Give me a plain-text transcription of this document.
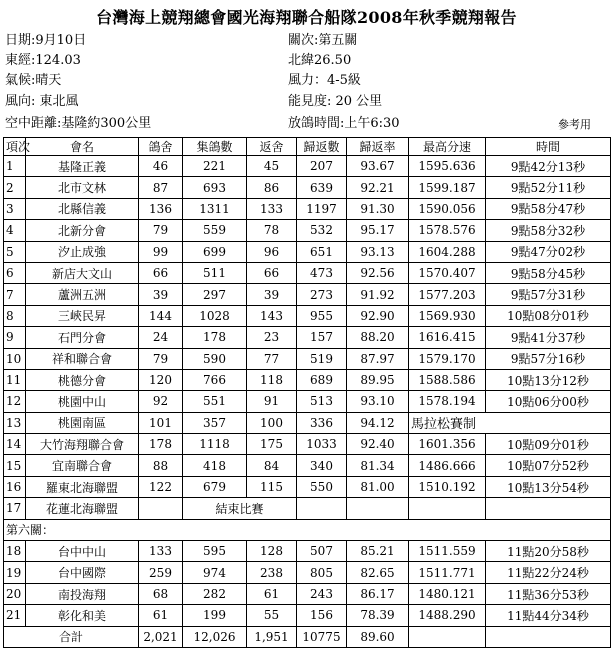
台灣海上競翔總會國光海翔聯合船隊2008年秋季競翔報告
日期:9月10日	關次:第五關
東經:124.03	北緯26.50
氣候:晴天	風力：4-5級
風向: 東北風	能見度: 20 公里
空中距離:基隆約300公里	放鴿時間:上午6:30	參考用
項次	會名	鴿舍	集鴿數	返舍	歸返數	歸返率	最高分速	時間
1	基隆正義	46	221	45	207	93.67	1595.636	9點42分13秒
2	北市文林	87	693	86	639	92.21	1599.187	9點52分11秒
3	北縣信義	136	1311	133	1197	91.30	1590.056	9點58分47秒
4	北新分會	79	559	78	532	95.17	1578.576	9點58分32秒
5	汐止成強	99	699	96	651	93.13	1604.288	9點47分02秒
6	新店大文山	66	511	66	473	92.56	1570.407	9點58分45秒
7	蘆洲五洲	39	297	39	273	91.92	1577.203	9點57分31秒
8	三峽民昇	144	1028	143	955	92.90	1569.930	10點08分01秒
9	石門分會	24	178	23	157	88.20	1616.415	9點41分37秒
10	祥和聯合會	79	590	77	519	87.97	1579.170	9點57分16秒
11	桃德分會	120	766	118	689	89.95	1588.586	10點13分12秒
12	桃園中山	92	551	91	513	93.10	1578.194	10點06分00秒
13	桃園南區	101	357	100	336	94.12	馬拉松賽制	
14	大竹海翔聯合會	178	1118	175	1033	92.40	1601.356	10點09分01秒
15	宜南聯合會	88	418	84	340	81.34	1486.666	10點07分52秒
16	羅東北海聯盟	122	679	115	550	81.00	1510.192	10點13分54秒
17	花蓮北海聯盟		結束比賽					
第六關：								
18	台中中山	133	595	128	507	85.21	1511.559	11點20分58秒
19	台中國際	259	974	238	805	82.65	1511.771	11點22分24秒
20	南投海翔	68	282	61	243	86.17	1480.121	11點36分53秒
21	彰化和美	61	199	55	156	78.39	1488.290	11點44分34秒
合計		2,021	12,026	1,951	10775	89.60		
